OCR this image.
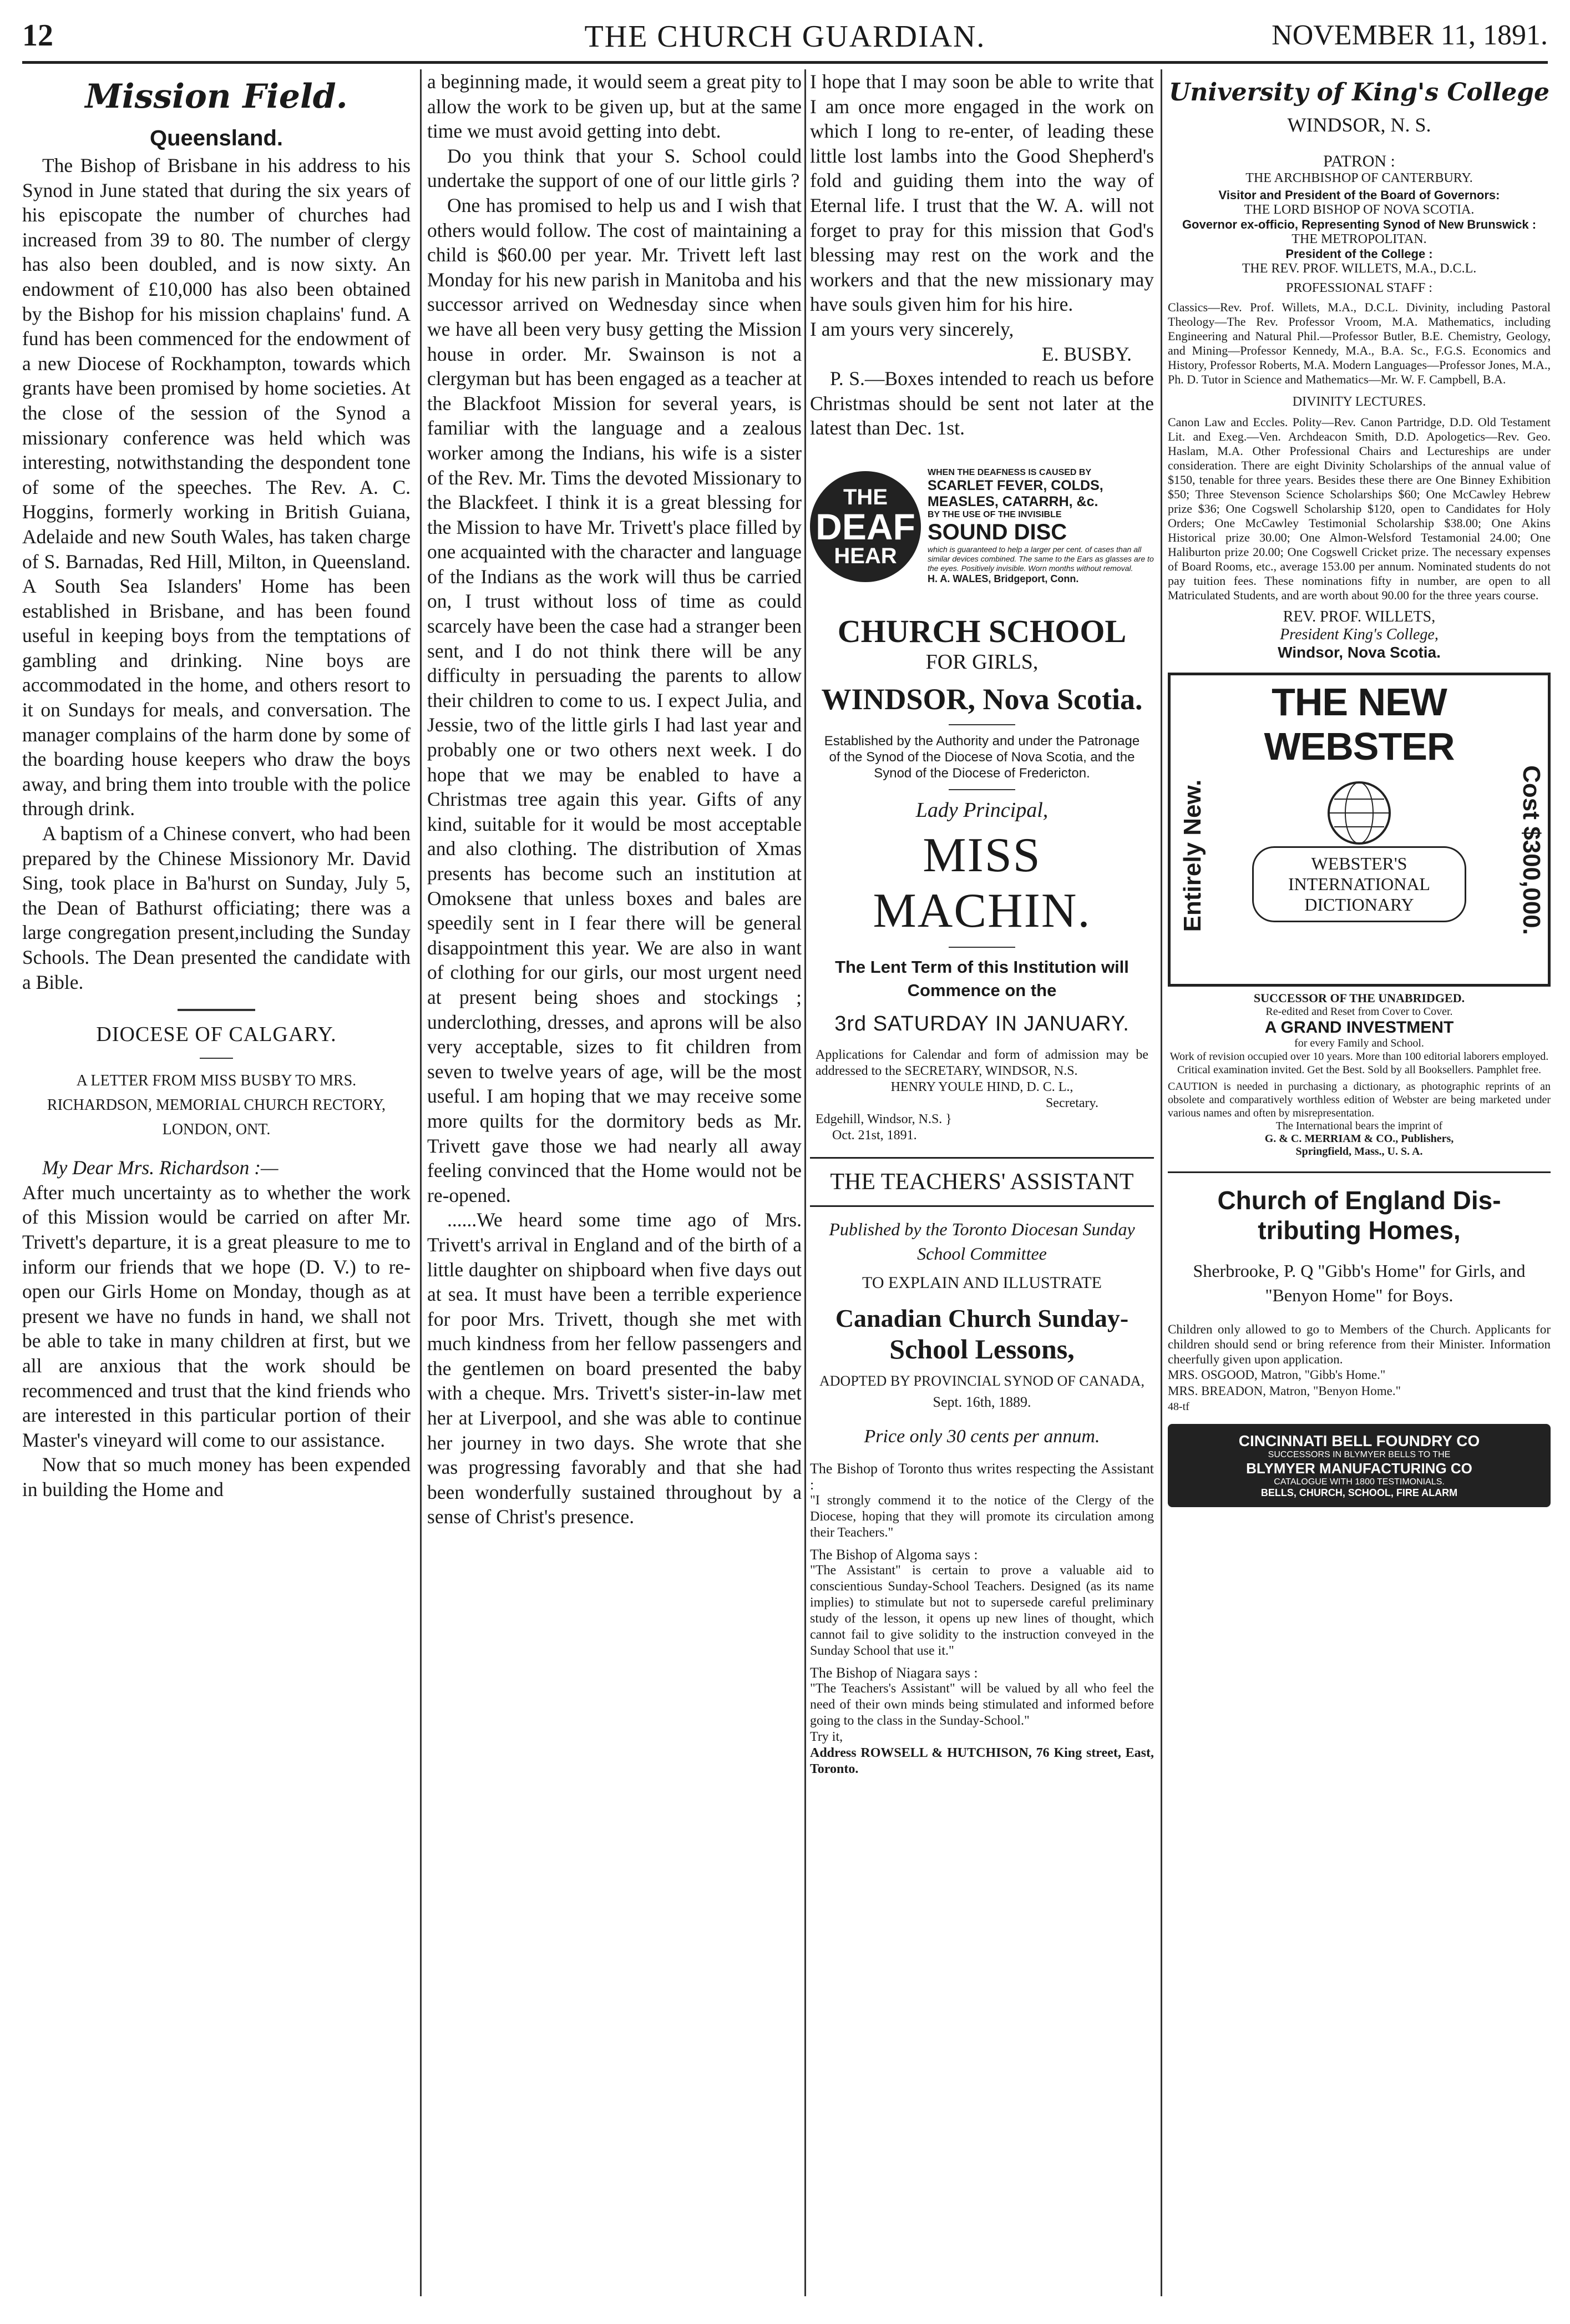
12	THE CHURCH GUARDIAN.	NOVEMBER 11, 1891.
Mission Field.
Queensland.

The Bishop of Brisbane in his address to his Synod in June stated that during the six years of his episcopate the number of churches had increased from 39 to 80. The number of clergy has also been doubled, and is now sixty. An endowment of £10,000 has also been obtained by the Bishop for his mission chaplains' fund. A fund has been commenced for the endowment of a new Diocese of Rockhampton, towards which grants have been promised by home societies. At the close of the session of the Synod a missionary conference was held which was interesting, notwithstanding the despondent tone of some of the speeches. The Rev. A. C. Hoggins, formerly working in British Guiana, Adelaide and new South Wales, has taken charge of S. Barnadas, Red Hill, Milton, in Queensland. A South Sea Islanders' Home has been established in Brisbane, and has been found useful in keeping boys from the temptations of gambling and drinking. Nine boys are accommodated in the home, and others resort to it on Sundays for meals, and conversation. The manager complains of the harm done by some of the boarding house keepers who draw the boys away, and bring them into trouble with the police through drink.

A baptism of a Chinese convert, who had been prepared by the Chinese Missionory Mr. David Sing, took place in Ba'hurst on Sunday, July 5, the Dean of Bathurst officiating; there was a large congregation present,including the Sunday Schools. The Dean presented the candidate with a Bible.

DIOCESE OF CALGARY.
A LETTER FROM MISS BUSBY TO MRS. RICHARDSON, MEMORIAL CHURCH RECTORY, LONDON, ONT.

My Dear Mrs. Richardson :—

After much uncertainty as to whether the work of this Mission would be carried on after Mr. Trivett's departure, it is a great pleasure to me to inform our friends that we hope (D. V.) to re-open our Girls Home on Monday, though as at present we have no funds in hand, we shall not be able to take in many children at first, but we all are anxious that the work should be recommenced and trust that the kind friends who are interested in this particular portion of their Master's vineyard will come to our assistance.

Now that so much money has been expended in building the Home and

a beginning made, it would seem a great pity to allow the work to be given up, but at the same time we must avoid getting into debt.

Do you think that your S. School could undertake the support of one of our little girls ?

One has promised to help us and I wish that others would follow. The cost of maintaining a child is $60.00 per year. Mr. Trivett left last Monday for his new parish in Manitoba and his successor arrived on Wednesday since when we have all been very busy getting the Mission house in order. Mr. Swainson is not a clergyman but has been engaged as a teacher at the Blackfoot Mission for several years, is familiar with the language and a zealous worker among the Indians, his wife is a sister of the Rev. Mr. Tims the devoted Missionary to the Blackfeet. I think it is a great blessing for the Mission to have Mr. Trivett's place filled by one acquainted with the character and language of the Indians as the work will thus be carried on, I trust without loss of time as could scarcely have been the case had a stranger been sent, and I do not think there will be any difficulty in persuading the parents to allow their children to come to us. I expect Julia, and Jessie, two of the little girls I had last year and probably one or two others next week. I do hope that we may be enabled to have a Christmas tree again this year. Gifts of any kind, suitable for it would be most acceptable and also clothing. The distribution of Xmas presents has become such an institution at Omoksene that unless boxes and bales are speedily sent in I fear there will be general disappointment this year. We are also in want of clothing for our girls, our most urgent need at present being shoes and stockings ; underclothing, dresses, and aprons will be also very acceptable, sizes to fit children from seven to twelve years of age, will be the most useful. I am hoping that we may receive some more quilts for the dormitory beds as Mr. Trivett gave those we had nearly all away feeling convinced that the Home would not be re-opened.

......We heard some time ago of Mrs. Trivett's arrival in England and of the birth of a little daughter on shipboard when five days out at sea. It must have been a terrible experience for poor Mrs. Trivett, though she met with much kindness from her fellow passengers and the gentlemen on board presented the baby with a cheque. Mrs. Trivett's sister-in-law met her at Liverpool, and she was able to continue her journey in two days. She wrote that she was progressing favorably and that she had been wonderfully sustained throughout by a sense of Christ's presence.

I hope that I may soon be able to write that I am once more engaged in the work on which I long to re-enter, of leading these little lost lambs into the Good Shepherd's fold and guiding them into the way of Eternal life. I trust that the W. A. will not forget to pray for this mission that God's blessing may rest on the work and the workers and that the new missionary may have souls given him for his hire.

I am yours very sincerely,

E. BUSBY.

P. S.—Boxes intended to reach us before Christmas should be sent not later at the latest than Dec. 1st.

THE
DEAF
HEAR
WHEN THE DEAFNESS IS CAUSED BY
SCARLET FEVER, COLDS,
MEASLES, CATARRH, &c.
BY THE USE OF THE INVISIBLE
SOUND DISC
which is guaranteed to help a larger per cent. of cases than all similar devices combined. The same to the Ears as glasses are to the eyes. Positively invisible. Worn months without removal.
H. A. WALES, Bridgeport, Conn.
CHURCH SCHOOL
FOR GIRLS,
WINDSOR, Nova Scotia.

Established by the Authority and under the Patronage of the Synod of the Diocese of Nova Scotia, and the Synod of the Diocese of Fredericton.

Lady Principal,
MISS MACHIN.
The Lent Term of this Institution will Commence on the
3rd SATURDAY IN JANUARY.

Applications for Calendar and form of admission may be addressed to the SECRETARY, WINDSOR, N.S.

HENRY YOULE HIND, D. C. L.,

Secretary.

Edgehill, Windsor, N.S. }

Oct. 21st, 1891.

THE TEACHERS' ASSISTANT
Published by the Toronto Diocesan Sunday School Committee
TO EXPLAIN AND ILLUSTRATE
Canadian Church Sunday-
School Lessons,
ADOPTED BY PROVINCIAL SYNOD OF CANADA, Sept. 16th, 1889.
Price only 30 cents per annum.

The Bishop of Toronto thus writes respecting the Assistant :

"I strongly commend it to the notice of the Clergy of the Diocese, hoping that they will promote its circulation among their Teachers."

The Bishop of Algoma says :

"The Assistant" is certain to prove a valuable aid to conscientious Sunday-School Teachers. Designed (as its name implies) to stimulate but not to supersede careful preliminary study of the lesson, it opens up new lines of thought, which cannot fail to give solidity to the instruction conveyed in the Sunday School that use it."

The Bishop of Niagara says :

"The Teachers's Assistant" will be valued by all who feel the need of their own minds being stimulated and informed before going to the class in the Sunday-School."

Try it,

Address ROWSELL & HUTCHISON, 76 King street, East, Toronto.

University of King's College
WINDSOR, N. S.
PATRON :
THE ARCHBISHOP OF CANTERBURY.
Visitor and President of the Board of Governors:
THE LORD BISHOP OF NOVA SCOTIA.
Governor ex-officio, Representing Synod of New Brunswick :
THE METROPOLITAN.
President of the College :
THE REV. PROF. WILLETS, M.A., D.C.L.
PROFESSIONAL STAFF :

Classics—Rev. Prof. Willets, M.A., D.C.L. Divinity, including Pastoral Theology—The Rev. Professor Vroom, M.A. Mathematics, including Engineering and Natural Phil.—Professor Butler, B.E. Chemistry, Geology, and Mining—Professor Kennedy, M.A., B.A. Sc., F.G.S. Economics and History, Professor Roberts, M.A. Modern Languages—Professor Jones, M.A., Ph. D. Tutor in Science and Mathematics—Mr. W. F. Campbell, B.A.

DIVINITY LECTURES.

Canon Law and Eccles. Polity—Rev. Canon Partridge, D.D. Old Testament Lit. and Exeg.—Ven. Archdeacon Smith, D.D. Apologetics—Rev. Geo. Haslam, M.A. Other Professional Chairs and Lectureships are under consideration. There are eight Divinity Scholarships of the annual value of $150, tenable for three years. Besides these there are One Binney Exhibition $50; Three Stevenson Science Scholarships $60; One McCawley Hebrew prize $36; One Cogswell Scholarship $120, open to Candidates for Holy Orders; One McCawley Testimonial Scholarship $38.00; One Akins Historical prize 30.00; One Almon-Welsford Testamonial 24.00; One Haliburton prize 20.00; One Cogswell Cricket prize. The necessary expenses of Board Rooms, etc., average 153.00 per annum. Nominated students do not pay tuition fees. These nominations fifty in number, are open to all Matriculated Students, and are worth about 90.00 for the three years course.

REV. PROF. WILLETS,
President King's College,
Windsor, Nova Scotia.
THE NEW WEBSTER
Entirely New.	Cost $300,000.
WEBSTER'S
INTERNATIONAL
DICTIONARY
SUCCESSOR OF THE UNABRIDGED.
Re-edited and Reset from Cover to Cover.
A GRAND INVESTMENT
for every Family and School.

Work of revision occupied over 10 years. More than 100 editorial laborers employed. Critical examination invited. Get the Best. Sold by all Booksellers. Pamphlet free.

CAUTION is needed in purchasing a dictionary, as photographic reprints of an obsolete and comparatively worthless edition of Webster are being marketed under various names and often by misrepresentation.

The International bears the imprint of
G. & C. MERRIAM & CO., Publishers,
Springfield, Mass., U. S. A.
Church of England Dis-
tributing Homes,
Sherbrooke, P. Q "Gibb's Home" for Girls, and "Benyon Home" for Boys.

Children only allowed to go to Members of the Church. Applicants for children should send or bring reference from their Minister. Information cheerfully given upon application.

MRS. OSGOOD, Matron, "Gibb's Home."

MRS. BREADON, Matron, "Benyon Home."

48-tf

CINCINNATI BELL FOUNDRY CO
SUCCESSORS IN BLYMYER BELLS TO THE
BLYMYER MANUFACTURING CO
CATALOGUE WITH 1800 TESTIMONIALS.
BELLS, CHURCH, SCHOOL, FIRE ALARM
